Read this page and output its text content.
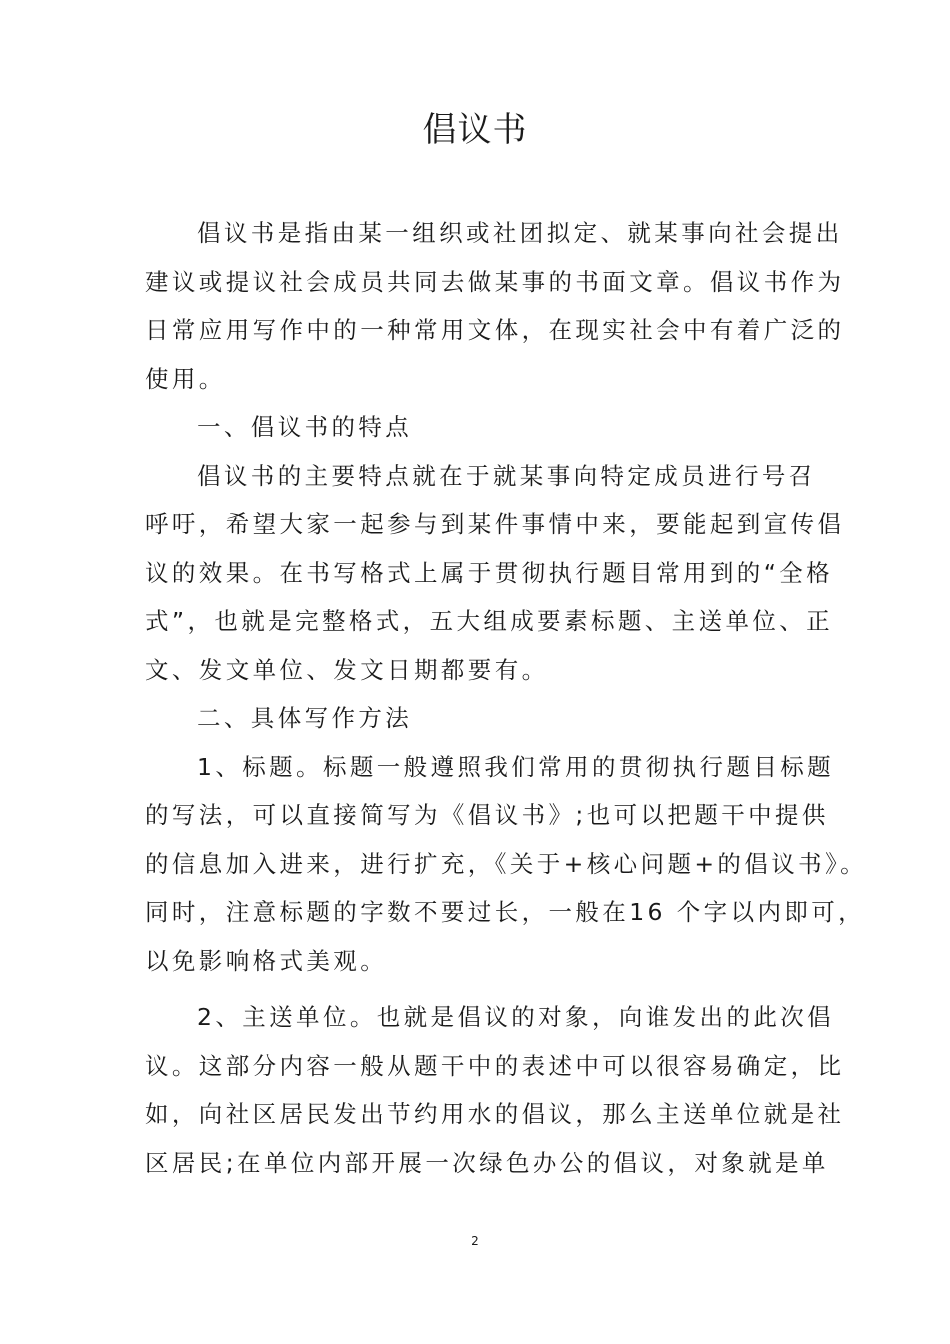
倡议书
倡议书是指由某一组织或社团拟定、就某事向社会提出
建议或提议社会成员共同去做某事的书面文章。倡议书作为
日常应用写作中的一种常用文体，在现实社会中有着广泛的
使用。
一、倡议书的特点
倡议书的主要特点就在于就某事向特定成员进行号召
呼吁，希望大家一起参与到某件事情中来，要能起到宣传倡
议的效果。在书写格式上属于贯彻执行题目常用到的“全格
式”，也就是完整格式，五大组成要素标题、主送单位、正
文、发文单位、发文日期都要有。
二、具体写作方法
1、标题。标题一般遵照我们常用的贯彻执行题目标题
的写法，可以直接简写为《倡议书》;也可以把题干中提供
的信息加入进来，进行扩充，《关于+核心问题+的倡议书》。
同时，注意标题的字数不要过长，一般在16 个字以内即可，
以免影响格式美观。
2、主送单位。也就是倡议的对象，向谁发出的此次倡
议。这部分内容一般从题干中的表述中可以很容易确定，比
如，向社区居民发出节约用水的倡议，那么主送单位就是社
区居民;在单位内部开展一次绿色办公的倡议，对象就是单
2
